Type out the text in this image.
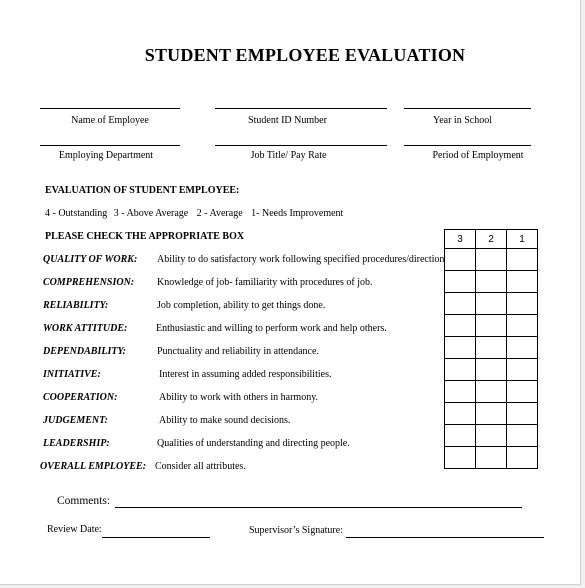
STUDENT EMPLOYEE EVALUATION
Name of Employee	Student ID Number	Year in School
Employing Department	Job Title/ Pay Rate	Period of Employment
EVALUATION OF STUDENT EMPLOYEE:
4 - Outstanding 3 - Above Average 2 - Average 1- Needs Improvement
PLEASE CHECK THE APPROPRIATE BOX
QUALITY OF WORK: Ability to do satisfactory work following specified procedures/direction
COMPREHENSION: Knowledge of job- familiarity with procedures of job.
RELIABILITY:	Job completion, ability to get things done.
WORK ATTITUDE:	Enthusiastic and willing to perform work and help others.
DEPENDABILITY:	Punctuality and reliability in attendance.
INITIATIVE:	Interest in assuming added responsibilities.
COOPERATION:	Ability to work with others in harmony.
JUDGEMENT:	Ability to make sound decisions.
LEADERSHIP:	Qualities of understanding and directing people.
OVERALL EMPLOYEE: Consider all attributes.
3	2	1

Comments:
Review Date:	Supervisor’s Signature:
